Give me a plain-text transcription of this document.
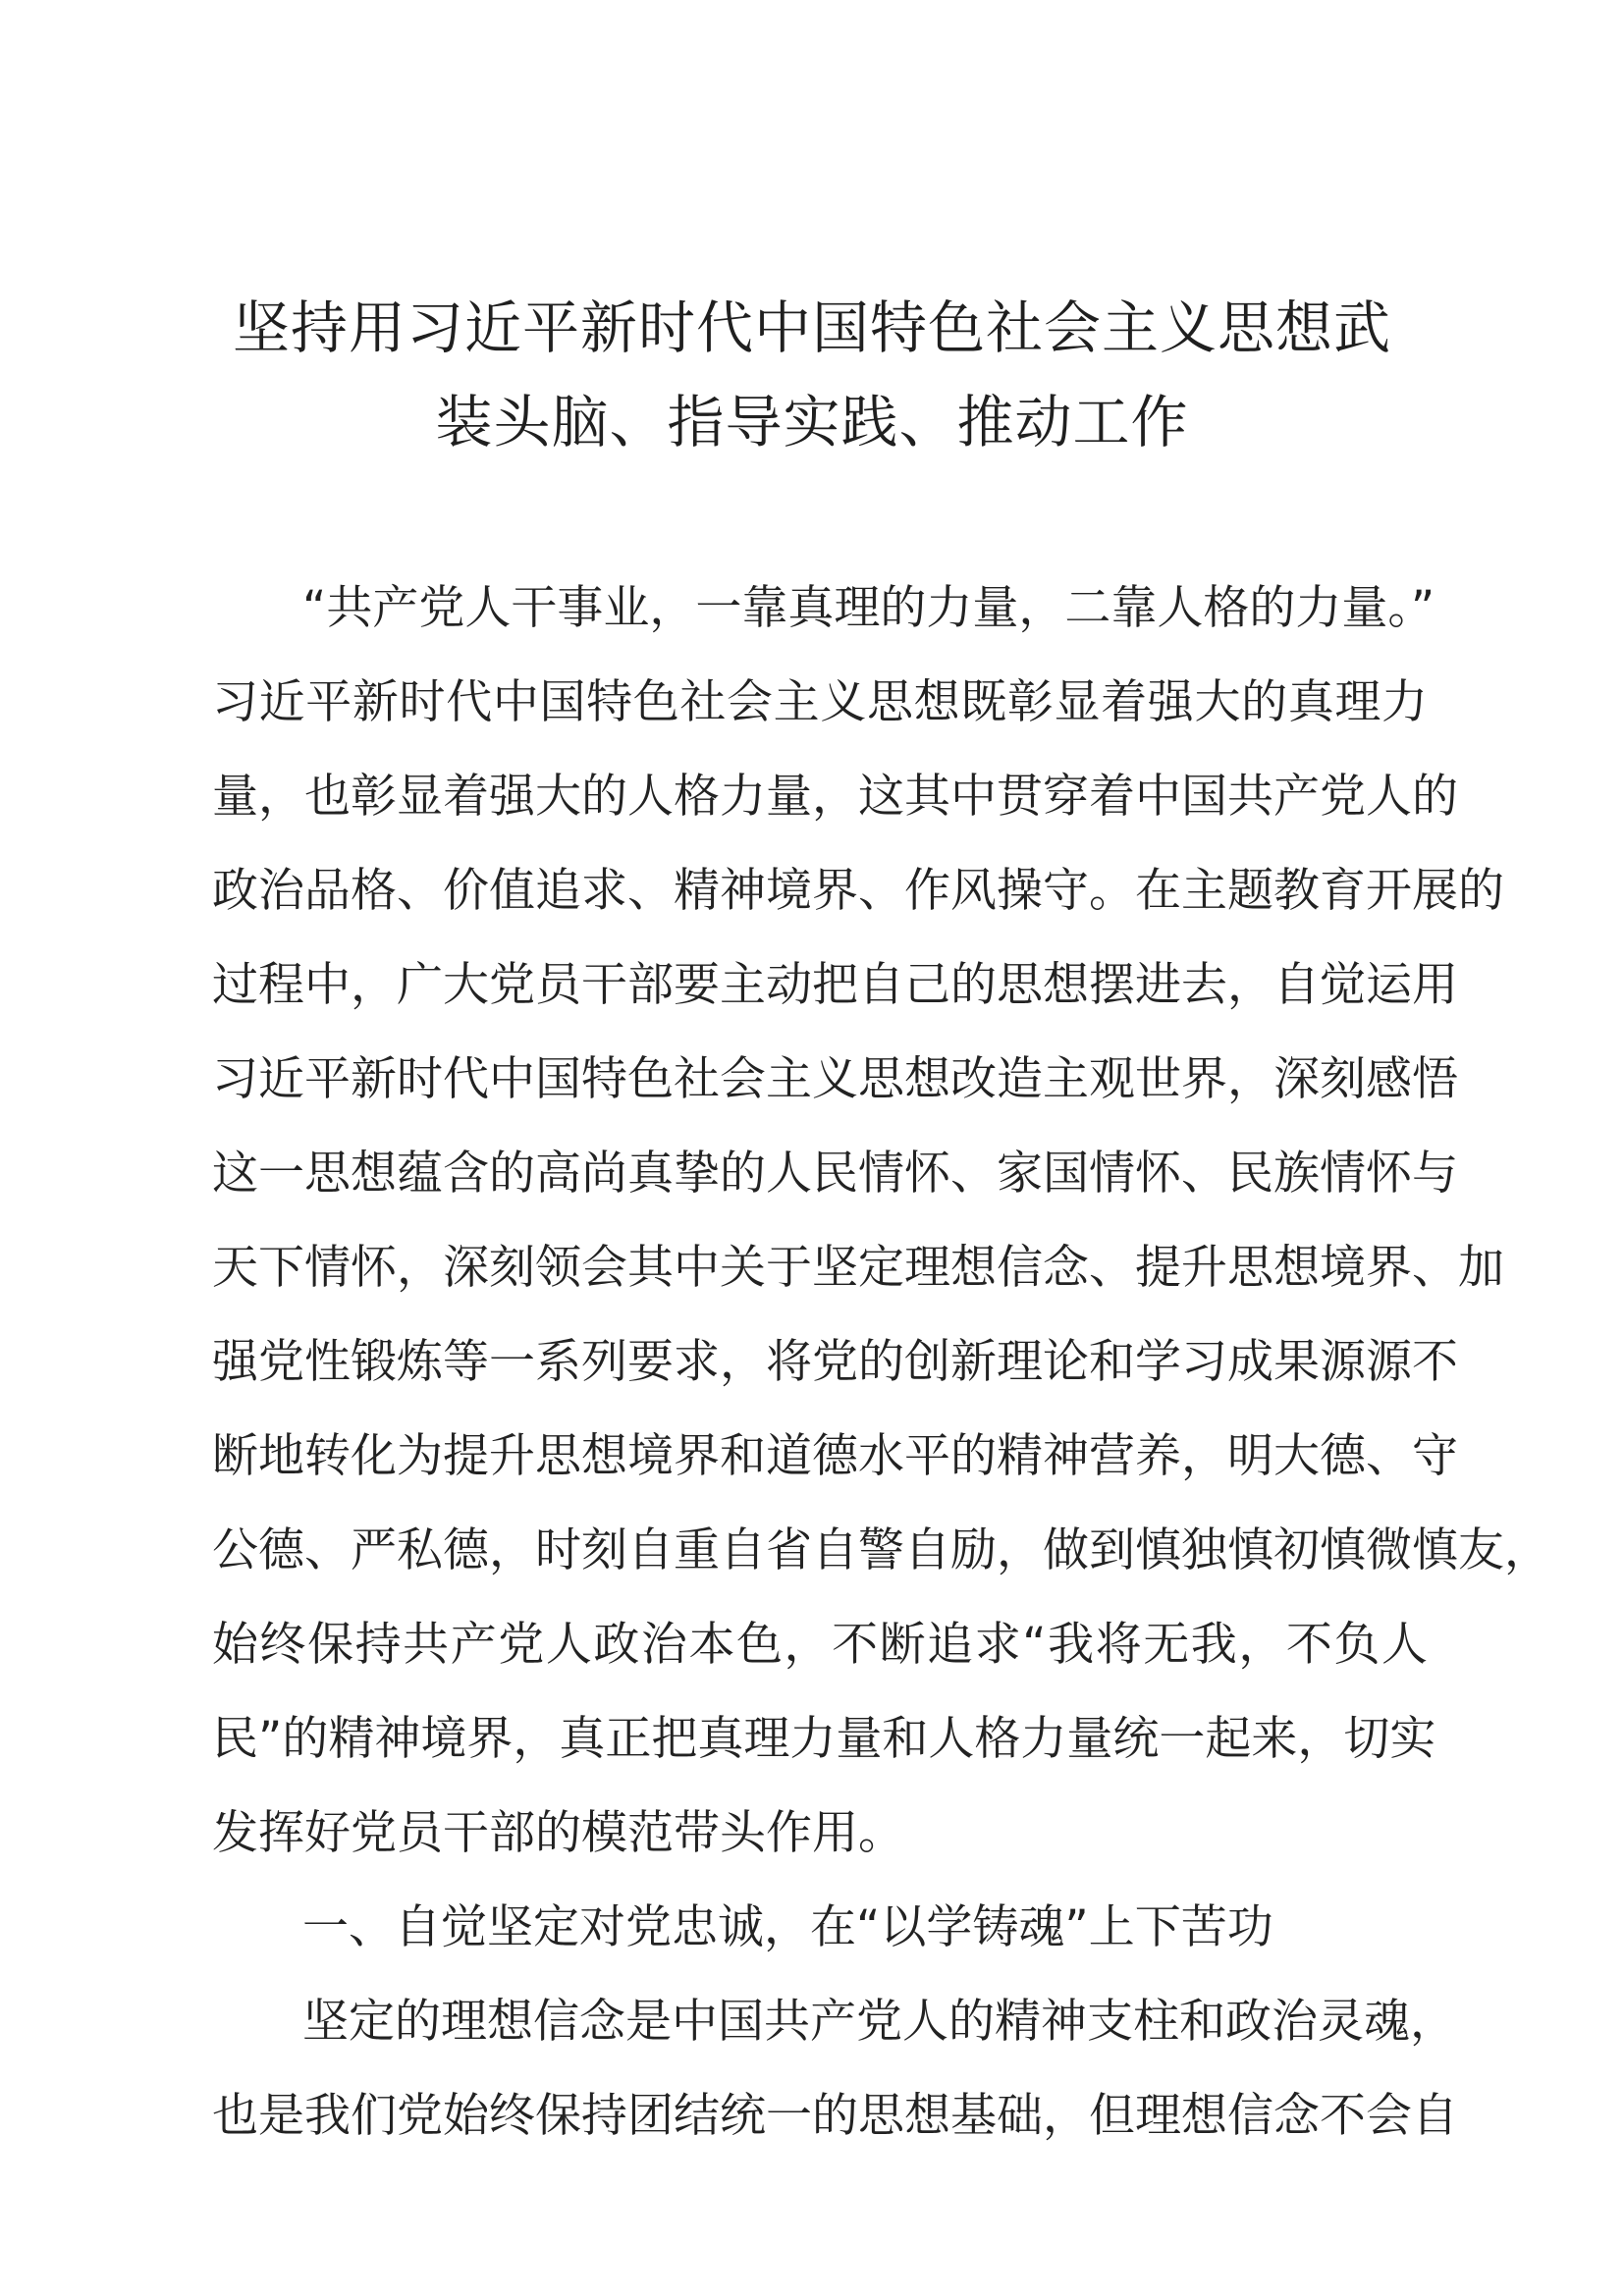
坚持用习近平新时代中国特色社会主义思想武
装头脑、指导实践、推动工作
“共产党人干事业，一靠真理的力量，二靠人格的力量。”
习近平新时代中国特色社会主义思想既彰显着强大的真理力
量，也彰显着强大的人格力量，这其中贯穿着中国共产党人的
政治品格、价值追求、精神境界、作风操守。在主题教育开展的
过程中，广大党员干部要主动把自己的思想摆进去，自觉运用
习近平新时代中国特色社会主义思想改造主观世界，深刻感悟
这一思想蕴含的高尚真挚的人民情怀、家国情怀、民族情怀与
天下情怀，深刻领会其中关于坚定理想信念、提升思想境界、加
强党性锻炼等一系列要求，将党的创新理论和学习成果源源不
断地转化为提升思想境界和道德水平的精神营养，明大德、守
公德、严私德，时刻自重自省自警自励，做到慎独慎初慎微慎友，
始终保持共产党人政治本色，不断追求“我将无我，不负人
民”的精神境界，真正把真理力量和人格力量统一起来，切实
发挥好党员干部的模范带头作用。
一、自觉坚定对党忠诚，在“以学铸魂”上下苦功
坚定的理想信念是中国共产党人的精神支柱和政治灵魂，
也是我们党始终保持团结统一的思想基础，但理想信念不会自
